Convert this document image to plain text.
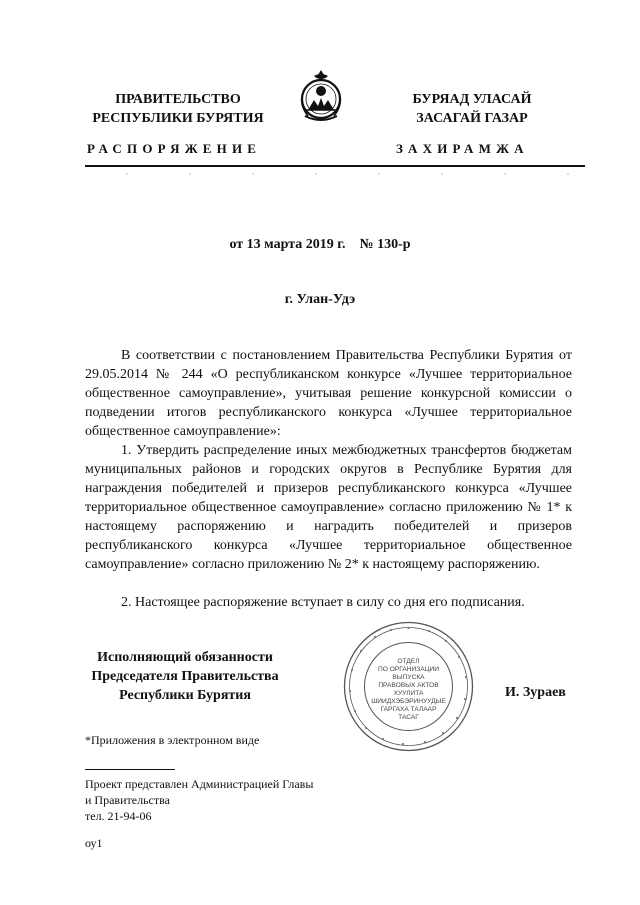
ПРАВИТЕЛЬСТВО
РЕСПУБЛИКИ БУРЯТИЯ
БУРЯАД УЛАСАЙ
ЗАСАГАЙ ГАЗАР
РАСПОРЯЖЕНИЕ	ЗАХИРАМЖА
от 13 марта 2019 г.    № 130-р
г. Улан-Удэ
В соответствии с постановлением Правительства Республики Бурятия от 29.05.2014 № 244 «О республиканском конкурсе «Лучшее территориальное общественное самоуправление», учитывая решение конкурсной комиссии о подведении итогов республиканского конкурса «Лучшее территориальное общественное самоуправление»:
1. Утвердить распределение иных межбюджетных трансфертов бюджетам муниципальных районов и городских округов в Республике Бурятия для награждения победителей и призеров республиканского конкурса «Лучшее территориальное общественное самоуправление» согласно приложению № 1* к настоящему распоряжению и наградить победителей и призеров республиканского конкурса «Лучшее территориальное общественное самоуправление» согласно приложению № 2* к настоящему распоряжению.
2. Настоящее распоряжение вступает в силу со дня его подписания.
Исполняющий обязанности
Председателя Правительства
Республики Бурятия
ОТДЕЛ
ПО ОРГАНИЗАЦИИ
ВЫПУСКА
ПРАВОВЫХ АКТОВ
ХУУЛИТА
ШИИДХЭБЭРИНУУДЫЕ
ГАРГАХА ТАЛААР
ТАСАГ
И. Зураев
*Приложения в электронном виде
Проект представлен Администрацией Главы
и Правительства
тел. 21-94-06
оу1
